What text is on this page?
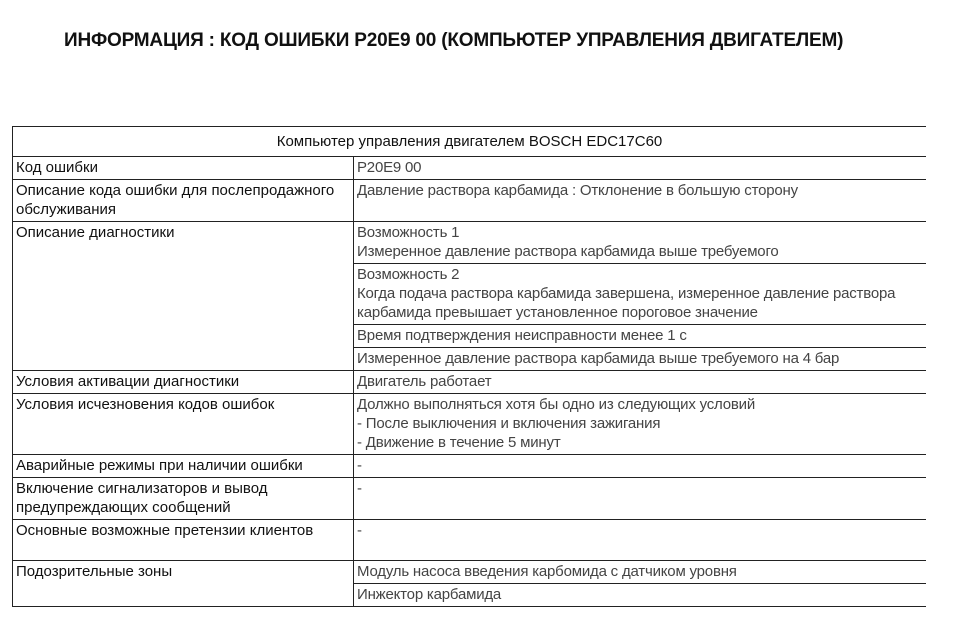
ИНФОРМАЦИЯ : КОД ОШИБКИ P20E9 00 (КОМПЬЮТЕР УПРАВЛЕНИЯ ДВИГАТЕЛЕМ)
Компьютер управления двигателем BOSCH EDC17C60	
Код ошибки	P20E9 00

Описание кода ошибки для послепродажного обслуживания	Давление раствора карбамида : Отклонение в большую сторону

Описание диагностики	Возможность 1
Измеренное давление раствора карбамида выше требуемого

	Возможность 2
Когда подача раствора карбамида завершена, измеренное давление раствора карбамида превышает установленное пороговое значение

	Время подтверждения неисправности менее 1 с

	Измеренное давление раствора карбамида выше требуемого на 4 бар

Условия активации диагностики	Двигатель работает

Условия исчезновения кодов ошибок	Должно выполняться хотя бы одно из следующих условий
- После выключения и включения зажигания
- Движение в течение 5 минут

Аварийные режимы при наличии ошибки	-

Включение сигнализаторов и вывод предупреждающих сообщений	-

Основные возможные претензии клиентов	-

Подозрительные зоны	Модуль насоса введения карбомида с датчиком уровня

	Инжектор карбамида
